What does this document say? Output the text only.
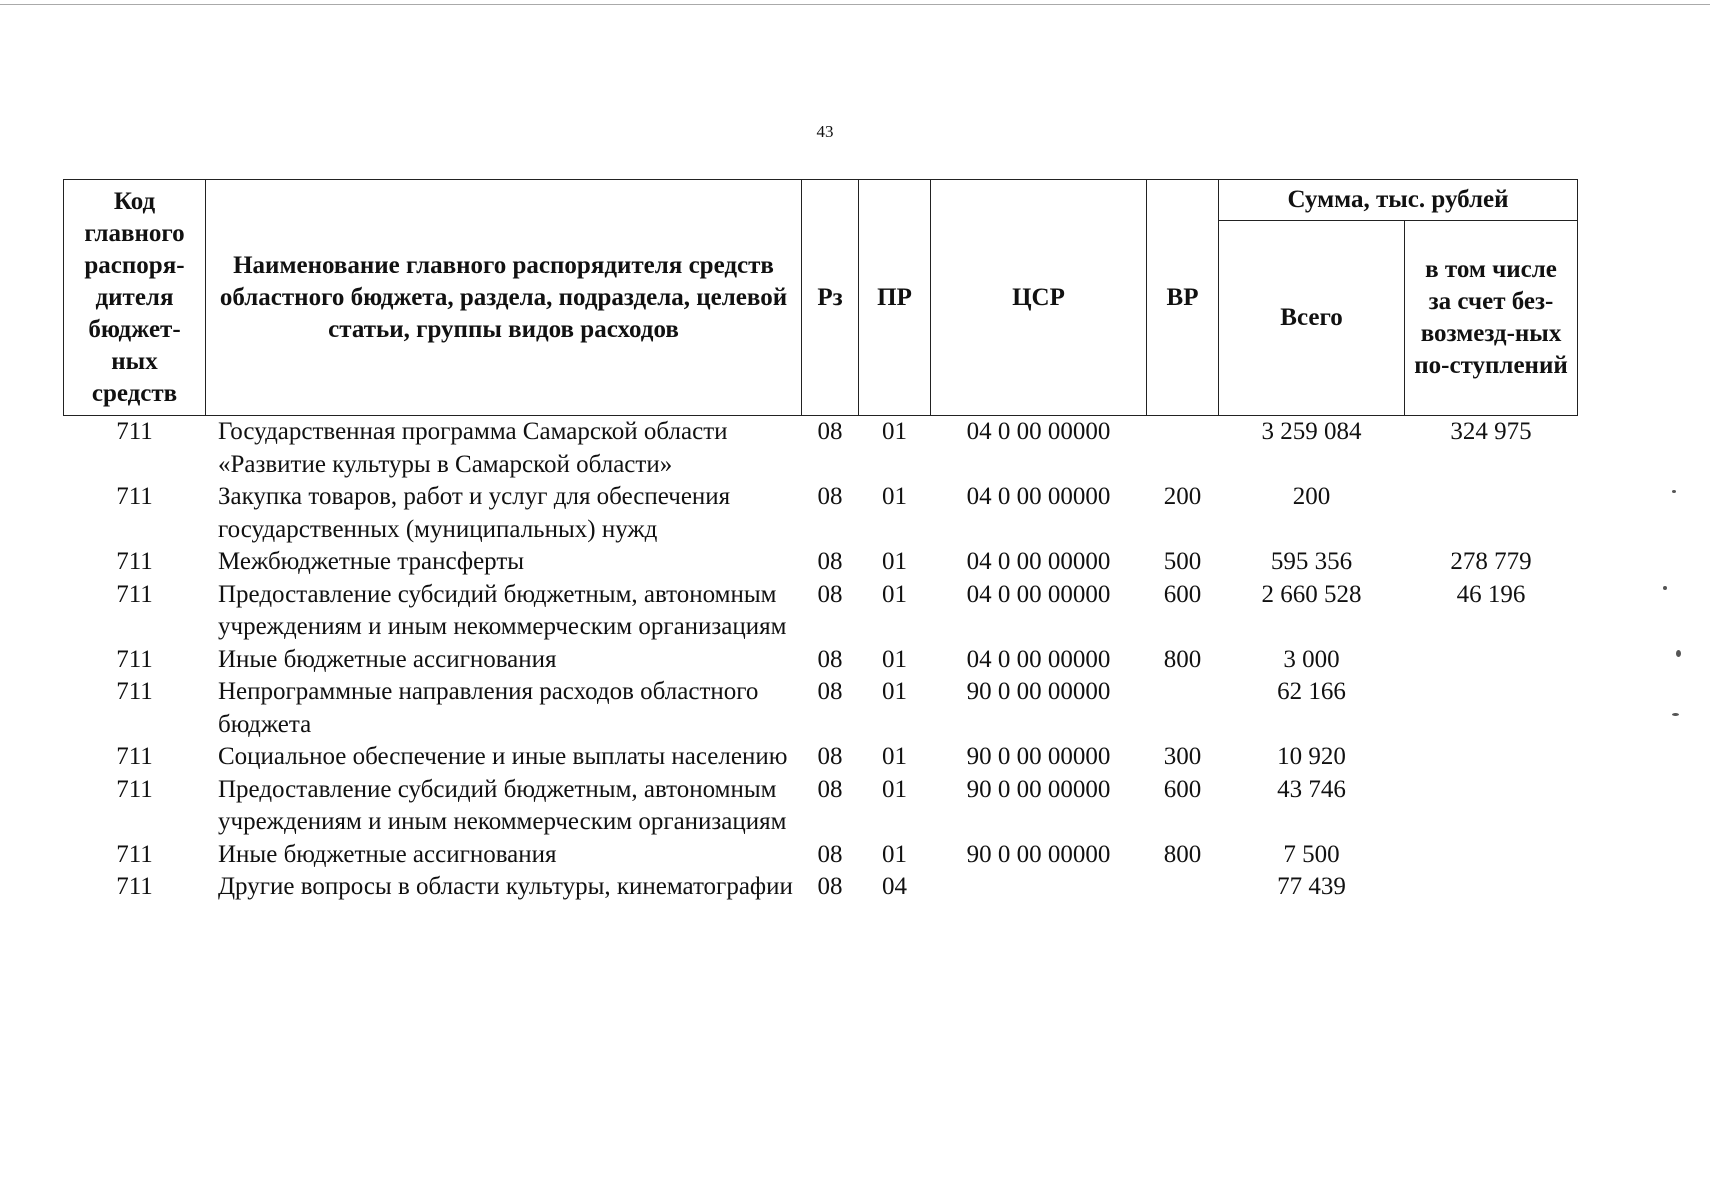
43
Код главного распоря-дителя бюджет-ных средств	Наименование главного распорядителя средств областного бюджета, раздела, подраздела, целевой статьи, группы видов расходов	Рз	ПР	ЦСР	ВР	Сумма, тыс. рублей	
						Всего	в том числе за счет без-возмезд-ных по-ступлений
711	Государственная программа Самарской области «Развитие культуры в Самарской области»	08	01	04 0 00 00000		3 259 084	324 975
711	Закупка товаров, работ и услуг для обеспечения государственных (муниципальных) нужд	08	01	04 0 00 00000	200	200	
711	Межбюджетные трансферты	08	01	04 0 00 00000	500	595 356	278 779
711	Предоставление субсидий бюджетным, автономным учреждениям и иным некоммерческим организациям	08	01	04 0 00 00000	600	2 660 528	46 196
711	Иные бюджетные ассигнования	08	01	04 0 00 00000	800	3 000	
711	Непрограммные направления расходов областного бюджета	08	01	90 0 00 00000		62 166	
711	Социальное обеспечение и иные выплаты населению	08	01	90 0 00 00000	300	10 920	
711	Предоставление субсидий бюджетным, автономным учреждениям и иным некоммерческим организациям	08	01	90 0 00 00000	600	43 746	
711	Иные бюджетные ассигнования	08	01	90 0 00 00000	800	7 500	
711	Другие вопросы в области культуры, кинематографии	08	04			77 439	
